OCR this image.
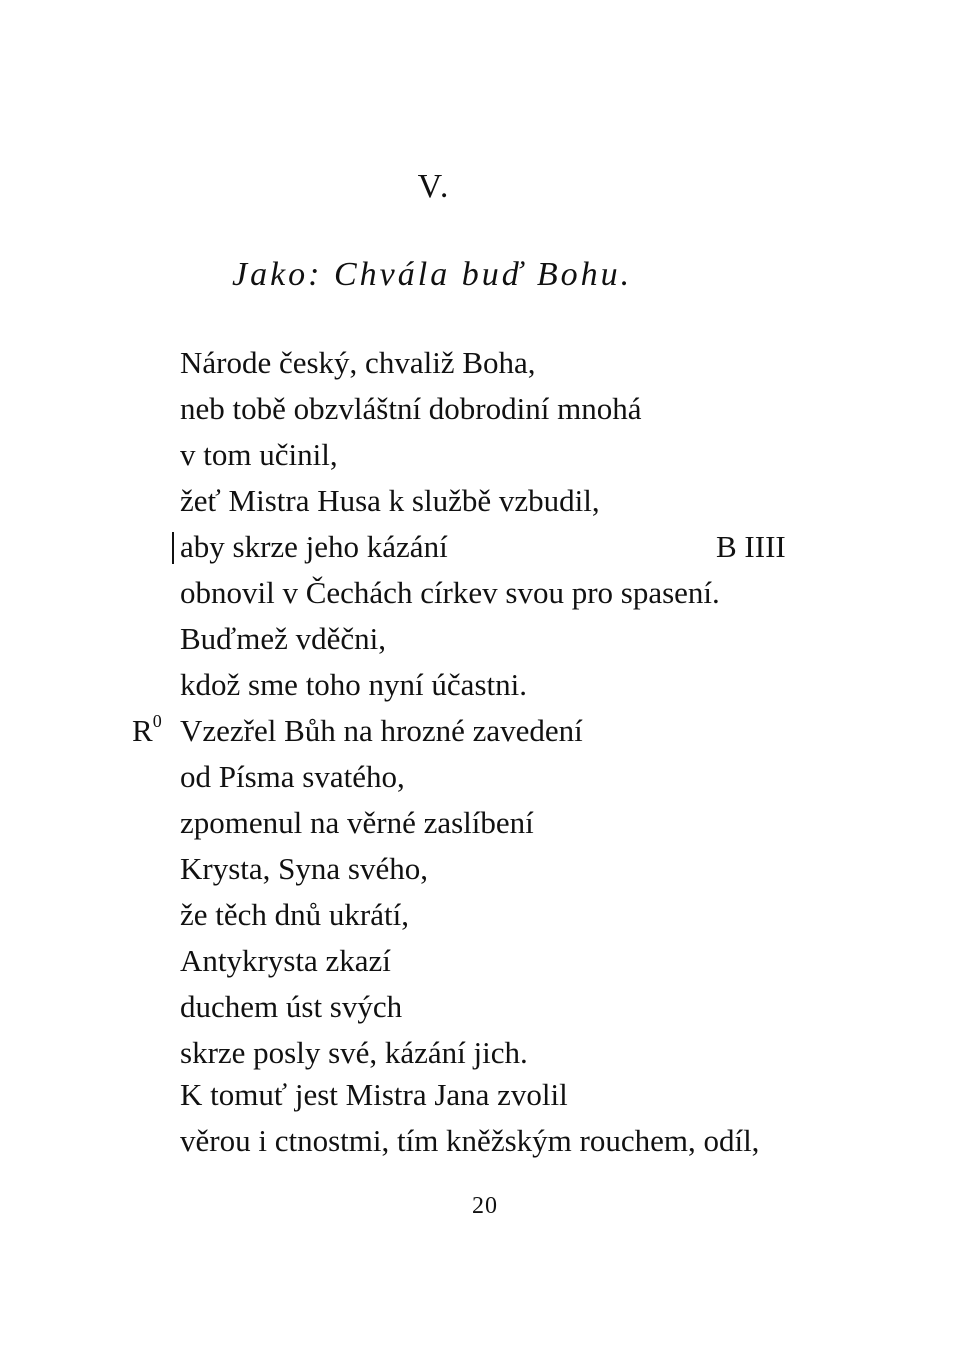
V.
Jako: Chvála buď Bohu.
Národe český, chvaliž Boha,
neb tobě obzvláštní dobrodiní mnohá
v tom učinil,
žeť Mistra Husa k službě vzbudil,
aby skrze jeho kázání	B IIII
obnovil v Čechách církev svou pro spasení.
Buďmež vděčni,
kdož sme toho nyní účastni.
$R^0$ Vzezřel Bůh na hrozné zavedení
od Písma svatého,
zpomenul na věrné zaslíbení
Krysta, Syna svého,
že těch dnů ukrátí,
Antykrysta zkazí
duchem úst svých
skrze posly své, kázání jich.
K tomuť jest Mistra Jana zvolil
věrou i ctnostmi, tím kněžským rouchem, odíl,
20
